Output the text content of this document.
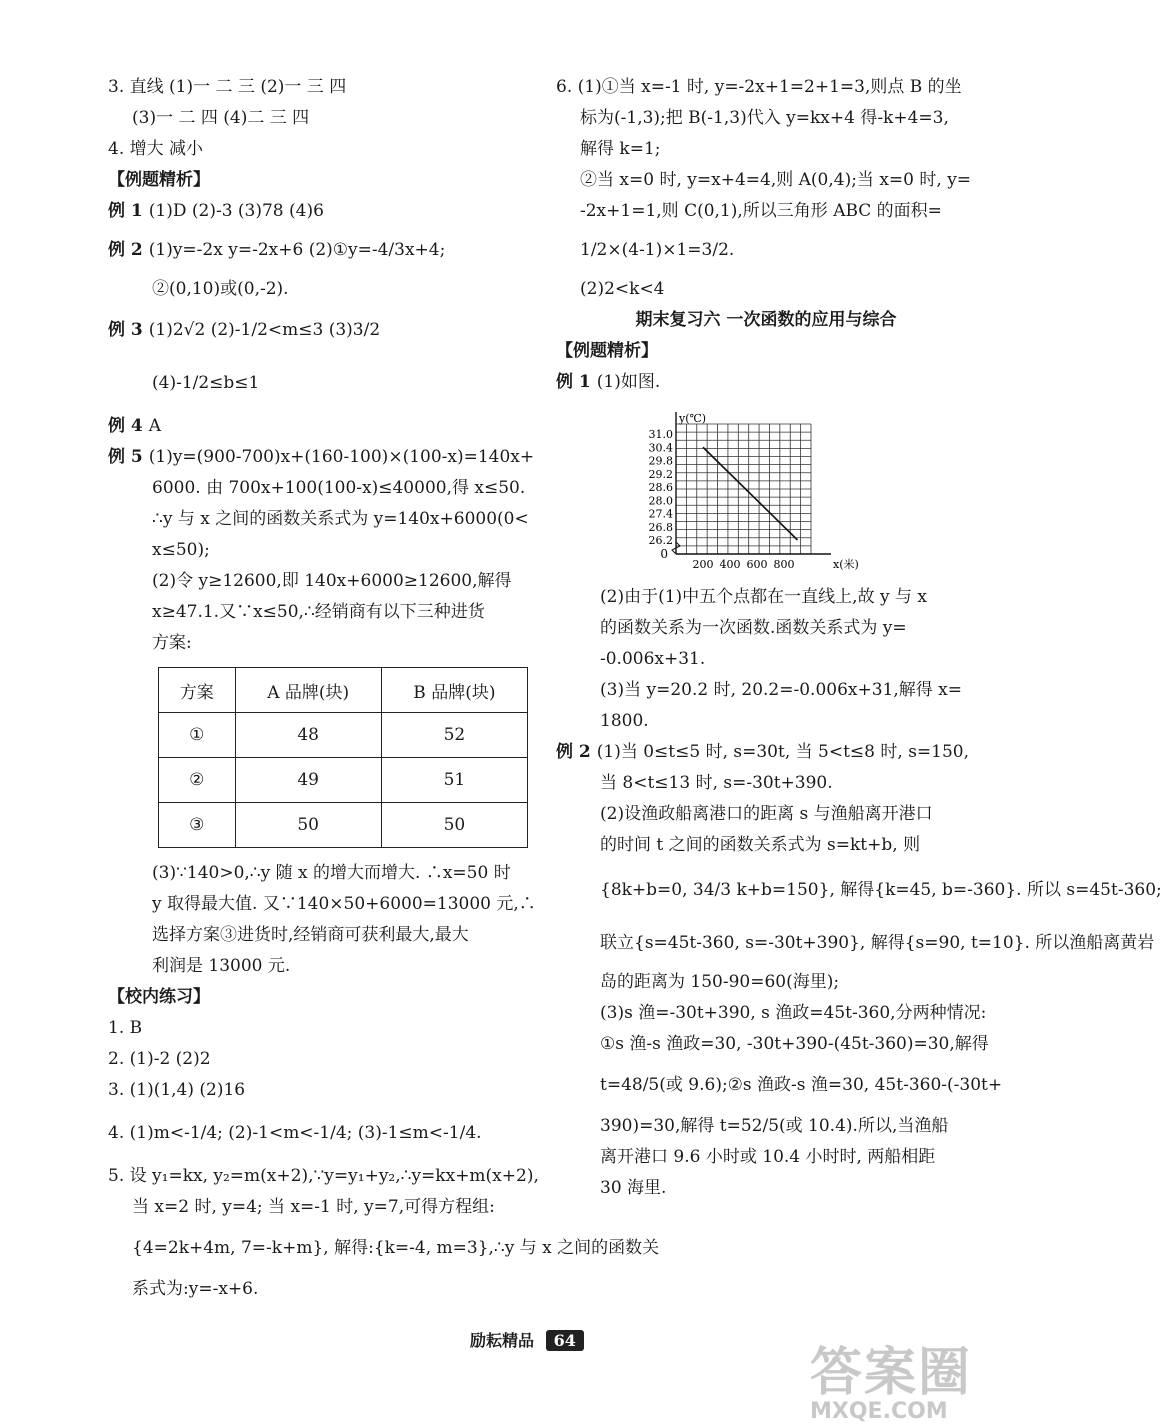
3. 直线 (1)一 二 三 (2)一 三 四
(3)一 二 四 (4)二 三 四
4. 增大 减小
【例题精析】
例 1 (1)D (2)-3 (3)78 (4)6
例 2 (1)y=-2x y=-2x+6 (2)①y=-4/3x+4;
②(0,10)或(0,-2).
例 3 (1)2√2 (2)-1/2<m≤3 (3)3/2
(4)-1/2≤b≤1
例 4 A
例 5 (1)y=(900-700)x+(160-100)×(100-x)=140x+
6000. 由 700x+100(100-x)≤40000,得 x≤50.
∴y 与 x 之间的函数关系式为 y=140x+6000(0<
x≤50);
(2)令 y≥12600,即 140x+6000≥12600,解得
x≥47.1.又∵x≤50,∴经销商有以下三种进货
方案:
方案	A 品牌(块)	B 品牌(块)
①	48	52
②	49	51
③	50	50
(3)∵140>0,∴y 随 x 的增大而增大. ∴x=50 时
y 取得最大值. 又∵140×50+6000=13000 元,∴
选择方案③进货时,经销商可获利最大,最大
利润是 13000 元.
【校内练习】
1. B
2. (1)-2 (2)2
3. (1)(1,4) (2)16
4. (1)m<-1/4; (2)-1<m<-1/4; (3)-1≤m<-1/4.
5. 设 y₁=kx, y₂=m(x+2),∵y=y₁+y₂,∴y=kx+m(x+2),
当 x=2 时, y=4; 当 x=-1 时, y=7,可得方程组:
{4=2k+4m, 7=-k+m}, 解得:{k=-4, m=3},∴y 与 x 之间的函数关
系式为:y=-x+6.
6. (1)①当 x=-1 时, y=-2x+1=2+1=3,则点 B 的坐
标为(-1,3);把 B(-1,3)代入 y=kx+4 得-k+4=3,
解得 k=1;
②当 x=0 时, y=x+4=4,则 A(0,4);当 x=0 时, y=
-2x+1=1,则 C(0,1),所以三角形 ABC 的面积=
1/2×(4-1)×1=3/2.
(2)2<k<4
期末复习六 一次函数的应用与综合
【例题精析】
例 1 (1)如图.
31.0
30.4
29.8
29.2
28.6
28.0
27.4
26.8
26.2
200 400 600 800
0
y(℃)
x(米)
(2)由于(1)中五个点都在一直线上,故 y 与 x
的函数关系为一次函数.函数关系式为 y=
-0.006x+31.
(3)当 y=20.2 时, 20.2=-0.006x+31,解得 x=
1800.
例 2 (1)当 0≤t≤5 时, s=30t, 当 5<t≤8 时, s=150,
当 8<t≤13 时, s=-30t+390.
(2)设渔政船离港口的距离 s 与渔船离开港口
的时间 t 之间的函数关系式为 s=kt+b, 则
{8k+b=0, 34/3 k+b=150}, 解得{k=45, b=-360}. 所以 s=45t-360;
联立{s=45t-360, s=-30t+390}, 解得{s=90, t=10}. 所以渔船离黄岩
岛的距离为 150-90=60(海里);
(3)s 渔=-30t+390, s 渔政=45t-360,分两种情况:
①s 渔-s 渔政=30, -30t+390-(45t-360)=30,解得
t=48/5(或 9.6);②s 渔政-s 渔=30, 45t-360-(-30t+
390)=30,解得 t=52/5(或 10.4).所以,当渔船
离开港口 9.6 小时或 10.4 小时时, 两船相距
30 海里.
励耘精品 64
答案圈
MXQE.COM
